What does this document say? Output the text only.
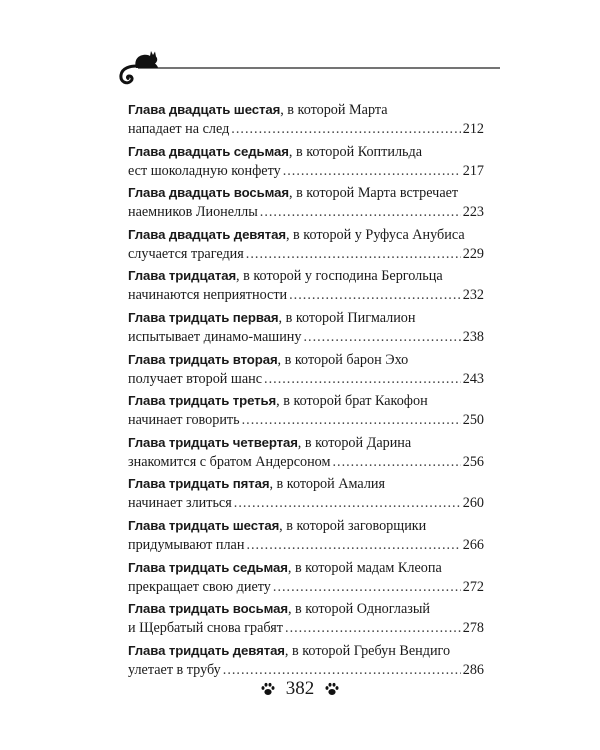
Глава двадцать шестая, в которой Марта
нападает на след .....	212
Глава двадцать седьмая, в которой Коптильда
ест шоколадную конфету .....	217
Глава двадцать восьмая, в которой Марта встречает
наемников Лионеллы .....	223
Глава двадцать девятая, в которой у Руфуса Анубиса
случается трагедия .....	229
Глава тридцатая, в которой у господина Бергольца
начинаются неприятности .....	232
Глава тридцать первая, в которой Пигмалион
испытывает динамо-машину .....	238
Глава тридцать вторая, в которой барон Эхо
получает второй шанс .....	243
Глава тридцать третья, в которой брат Какофон
начинает говорить .....	250
Глава тридцать четвертая, в которой Дарина
знакомится с братом Андерсоном .....	256
Глава тридцать пятая, в которой Амалия
начинает злиться .....	260
Глава тридцать шестая, в которой заговорщики
придумывают план .....	266
Глава тридцать седьмая, в которой мадам Клеопа
прекращает свою диету .....	272
Глава тридцать восьмая, в которой Одноглазый
и Щербатый снова грабят .....	278
Глава тридцать девятая, в которой Гребун Вендиго
улетает в трубу .....	286
382
